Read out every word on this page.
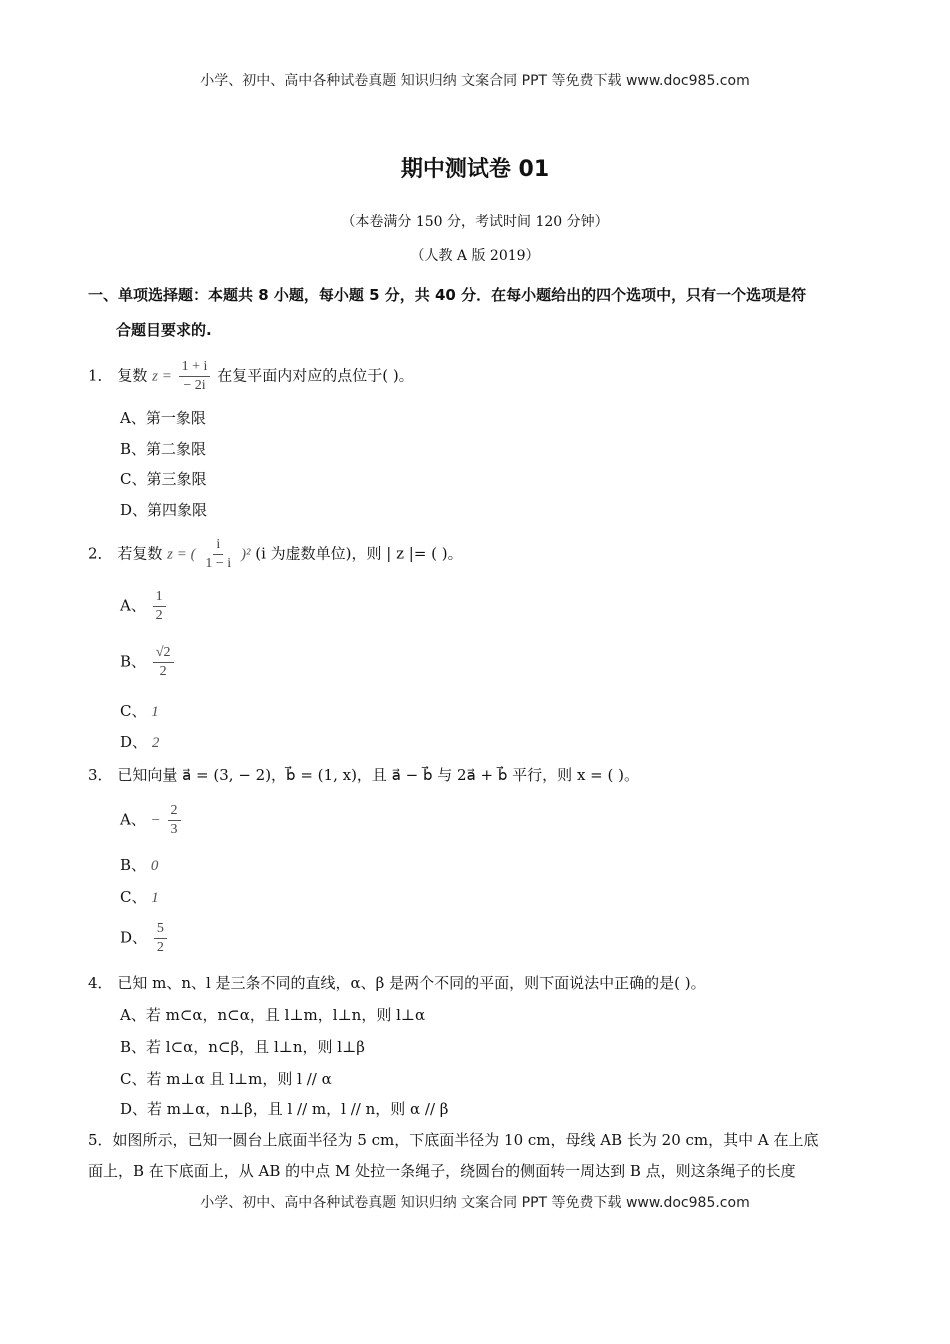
小学、初中、高中各种试卷真题 知识归纳 文案合同 PPT 等免费下载 www.doc985.com
期中测试卷 01
（本卷满分 150 分，考试时间 120 分钟）
（人教 A 版 2019）
一、单项选择题：本题共 8 小题，每小题 5 分，共 40 分．在每小题给出的四个选项中，只有一个选项是符
合题目要求的.
1． 复数 $z = \frac{1 + i}{- 2i}$ 在复平面内对应的点位于( )。
A、第一象限
B、第二象限
C、第三象限
D、第四象限
2． 若复数 z = ( $\frac{i}{1 - i} )^2$ (i 为虚数单位)，则 | z |= ( )。
A、 $\frac{1}{2}$
B、 $\frac{√2}{2}$
C、 1
D、 2
3． 已知向量 a⃗ = (3, − 2)，b⃗ = (1, x)，且 a⃗ − b⃗ 与 2a⃗ + b⃗ 平行，则 x = ( )。
A、 − $\frac{2}{3}$
B、 0
C、 1
D、 $\frac{5}{2}$
4． 已知 m、n、l 是三条不同的直线，α、β 是两个不同的平面，则下面说法中正确的是( )。
A、若 m⊂α，n⊂α，且 l⊥m，l⊥n，则 l⊥α
B、若 l⊂α，n⊂β，且 l⊥n，则 l⊥β
C、若 m⊥α 且 l⊥m，则 l // α
D、若 m⊥α，n⊥β，且 l // m，l // n，则 α // β
5．如图所示，已知一圆台上底面半径为 5 cm，下底面半径为 10 cm，母线 AB 长为 20 cm，其中 A 在上底
面上，B 在下底面上，从 AB 的中点 M 处拉一条绳子，绕圆台的侧面转一周达到 B 点，则这条绳子的长度
小学、初中、高中各种试卷真题 知识归纳 文案合同 PPT 等免费下载 www.doc985.com
